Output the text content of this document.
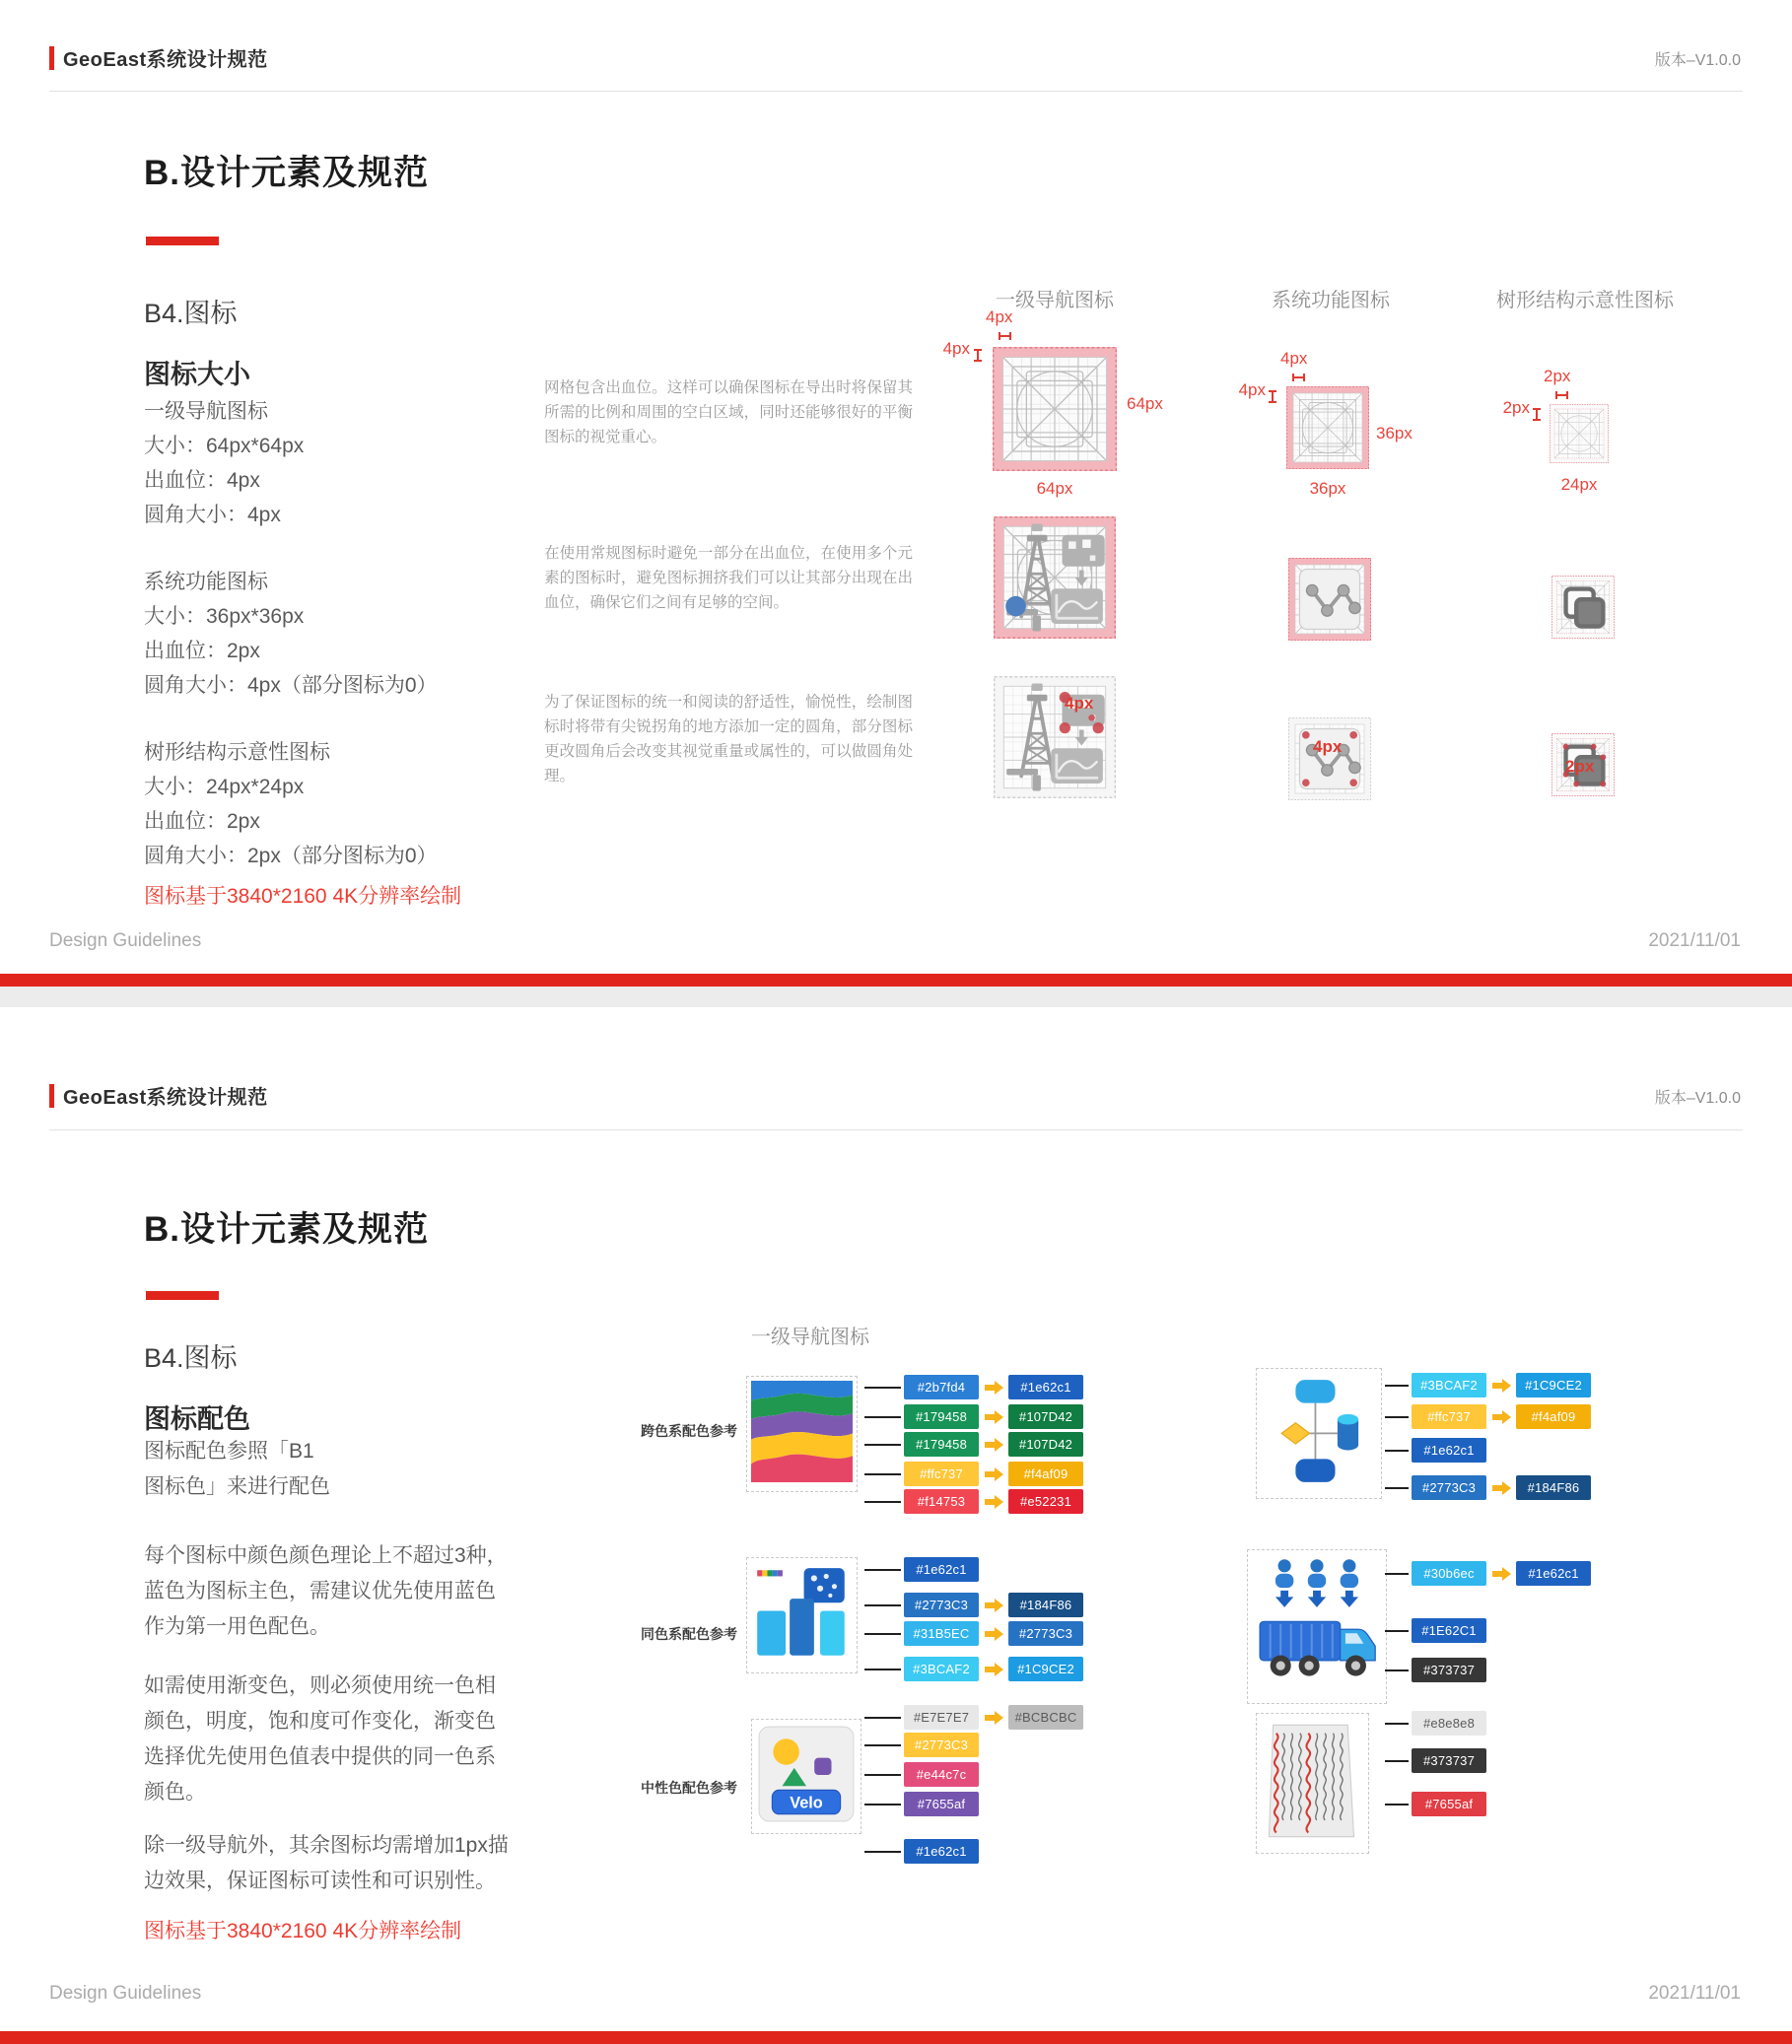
GeoEast系统设计规范	版本–V1.0.0
B.设计元素及规范
B4.图标
图标大小
一级导航图标
大小：64px*64px
出血位：4px
圆角大小：4px
系统功能图标
大小：36px*36px
出血位：2px
圆角大小：4px（部分图标为0）
树形结构示意性图标
大小：24px*24px
出血位：2px
圆角大小：2px（部分图标为0）
图标基于3840*2160 4K分辨率绘制
网格包含出血位。这样可以确保图标在导出时将保留其所需的比例和周围的空白区域，同时还能够很好的平衡图标的视觉重心。
在使用常规图标时避免一部分在出血位，在使用多个元素的图标时，避免图标拥挤我们可以让其部分出现在出血位，确保它们之间有足够的空间。
为了保证图标的统一和阅读的舒适性，愉悦性，绘制图标时将带有尖锐拐角的地方添加一定的圆角，部分图标更改圆角后会改变其视觉重量或属性的，可以做圆角处理。
一级导航图标	系统功能图标	树形结构示意性图标
4px
4px
64px
64px
4px
4px
36px
36px
2px
2px
24px
4px
4px
2px
Design Guidelines	2021/11/01
GeoEast系统设计规范	版本–V1.0.0
B.设计元素及规范
B4.图标
图标配色
图标配色参照「B1
图标色」来进行配色
每个图标中颜色颜色理论上不超过3种，
蓝色为图标主色，需建议优先使用蓝色
作为第一用色配色。
如需使用渐变色，则必须使用统一色相
颜色，明度，饱和度可作变化，渐变色
选择优先使用色值表中提供的同一色系
颜色。
除一级导航外，其余图标均需增加1px描
边效果，保证图标可读性和可识别性。
图标基于3840*2160 4K分辨率绘制
一级导航图标
跨色系配色参考
同色系配色参考
中性色配色参考
Velo
#2b7fd4	#1e62c1
#179458	#107D42
#179458	#107D42
#ffc737	#f4af09
#f14753	#e52231
#1e62c1
#2773C3	#184F86
#31B5EC	#2773C3
#3BCAF2	#1C9CE2
#E7E7E7	#BCBCBC
#2773C3
#e44c7c
#7655af
#1e62c1
#3BCAF2	#1C9CE2
#ffc737	#f4af09
#1e62c1
#2773C3	#184F86
#30b6ec	#1e62c1
#1E62C1
#373737
#e8e8e8
#373737
#7655af
Design Guidelines	2021/11/01
